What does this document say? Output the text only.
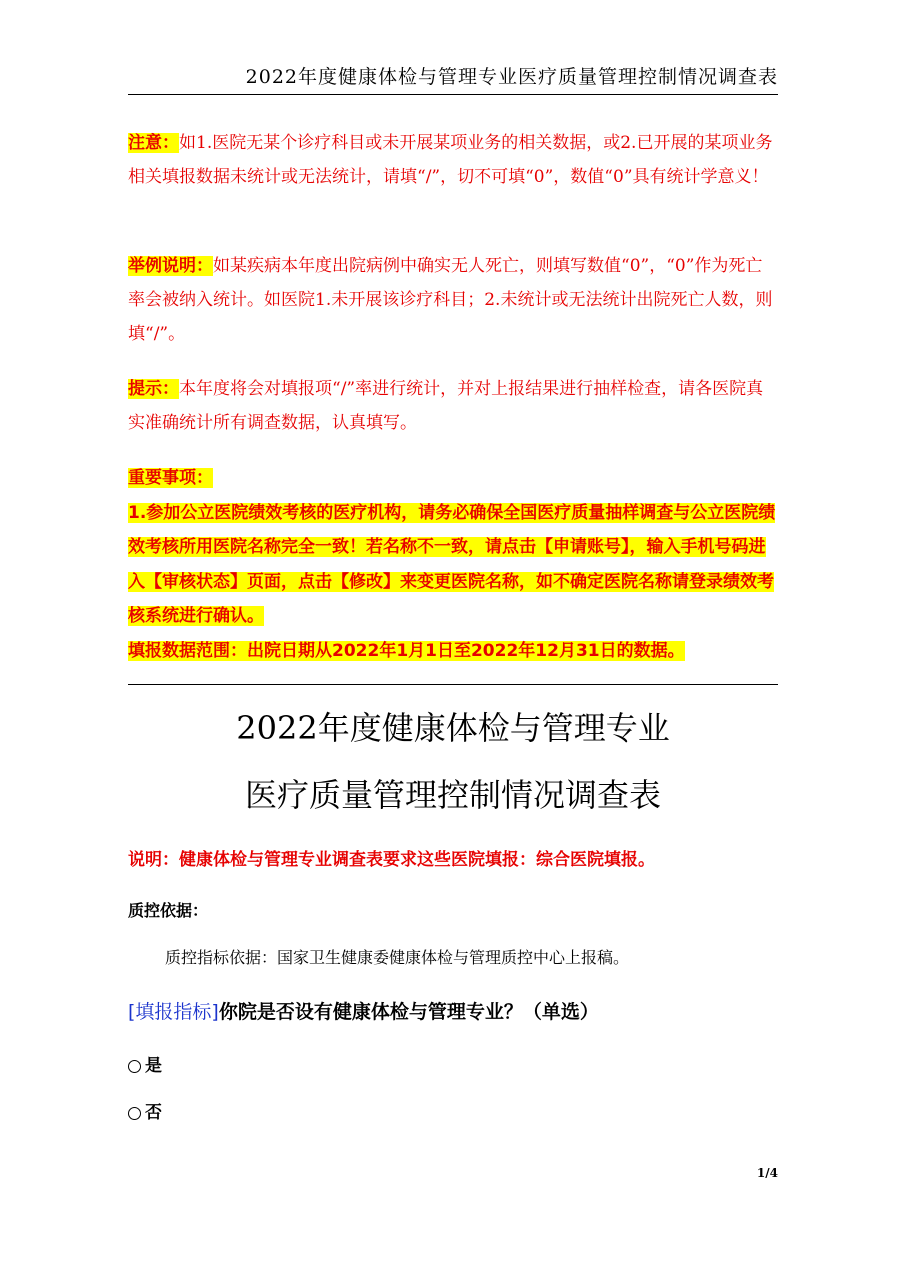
2022年度健康体检与管理专业医疗质量管理控制情况调查表
注意：如1.医院无某个诊疗科目或未开展某项业务的相关数据，或2.已开展的某项业务相关填报数据未统计或无法统计，请填“/”，切不可填“0”，数值“0”具有统计学意义！
举例说明：如某疾病本年度出院病例中确实无人死亡，则填写数值“0”，“0”作为死亡率会被纳入统计。如医院1.未开展该诊疗科目；2.未统计或无法统计出院死亡人数，则填“/”。
提示：本年度将会对填报项“/”率进行统计，并对上报结果进行抽样检查，请各医院真实准确统计所有调查数据，认真填写。
重要事项：
1.参加公立医院绩效考核的医疗机构，请务必确保全国医疗质量抽样调查与公立医院绩效考核所用医院名称完全一致！若名称不一致，请点击【申请账号】，输入手机号码进入【审核状态】页面，点击【修改】来变更医院名称，如不确定医院名称请登录绩效考核系统进行确认。
填报数据范围：出院日期从2022年1月1日至2022年12月31日的数据。
2022年度健康体检与管理专业
医疗质量管理控制情况调查表
说明：健康体检与管理专业调查表要求这些医院填报：综合医院填报。
质控依据：
质控指标依据：国家卫生健康委健康体检与管理质控中心上报稿。
[填报指标]你院是否设有健康体检与管理专业？（单选）
是
否
1/4
